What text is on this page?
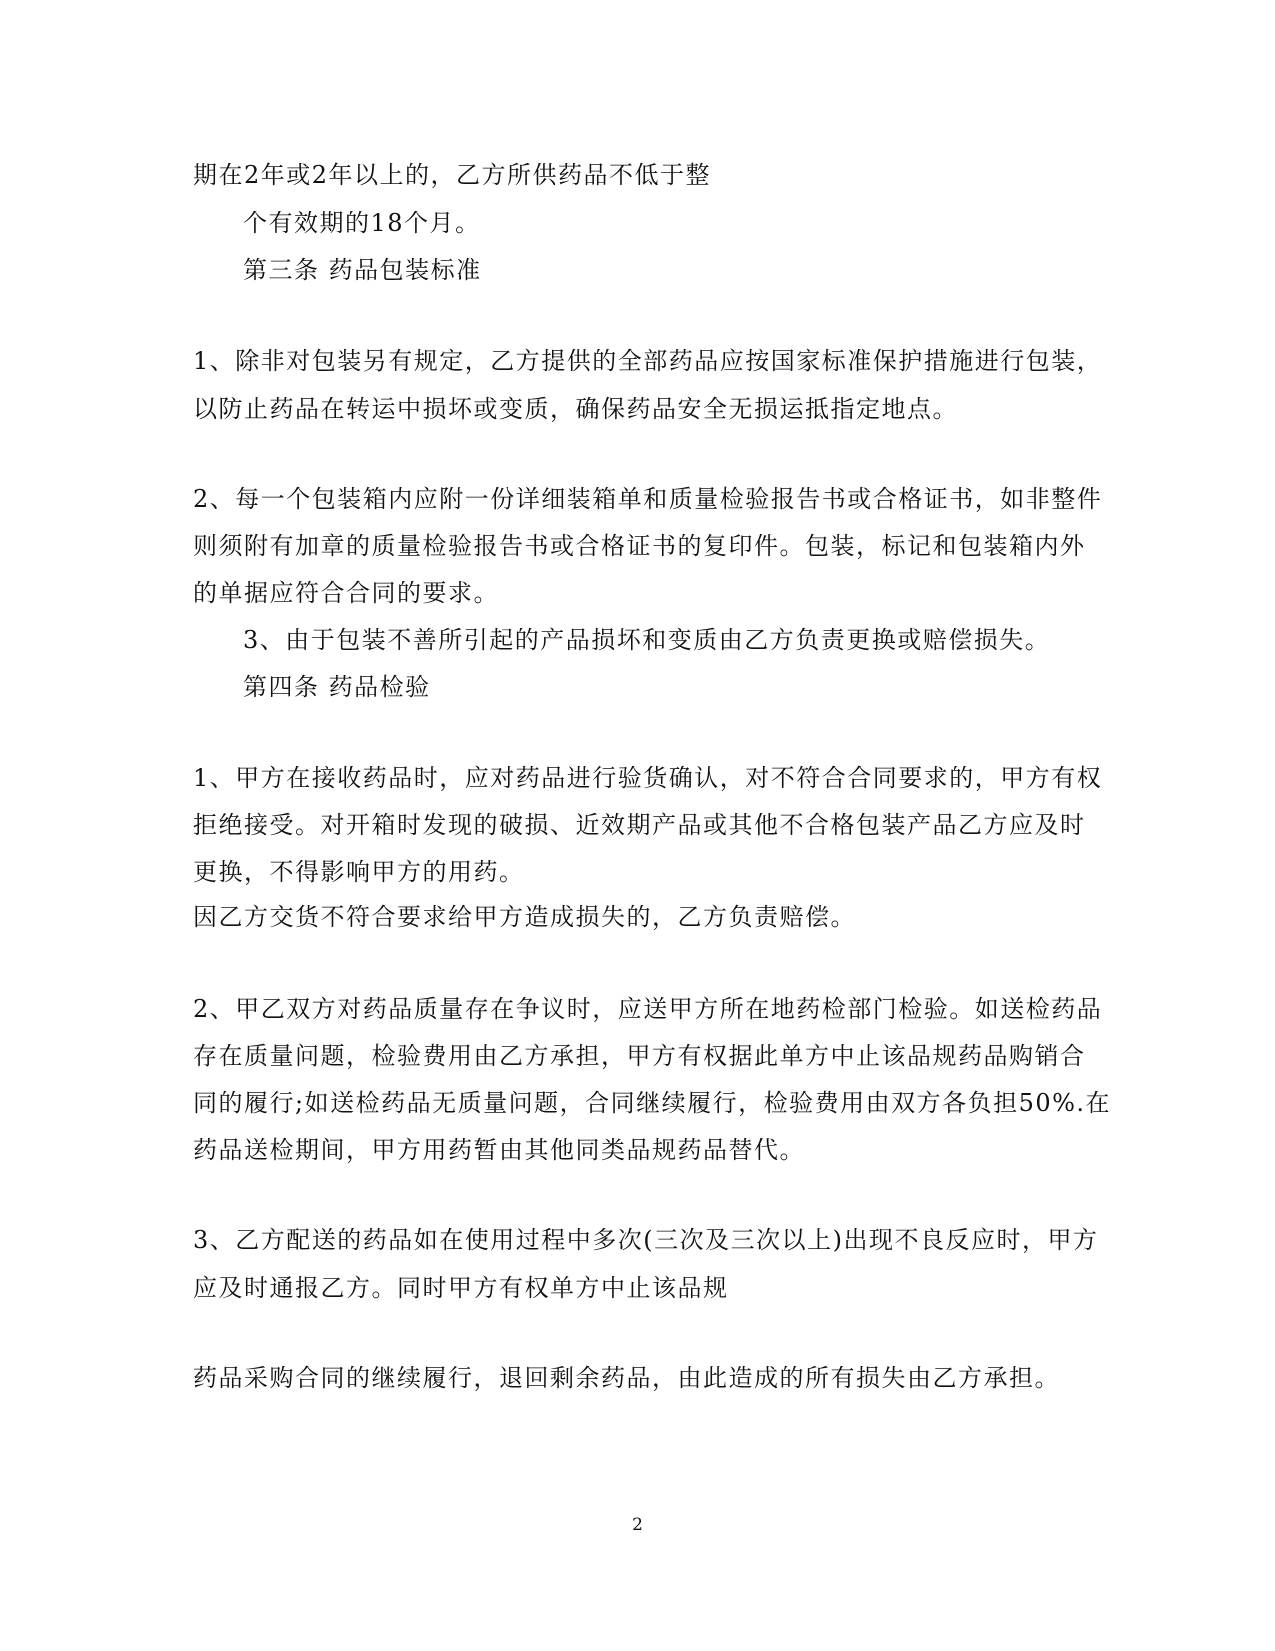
期在2年或2年以上的，乙方所供药品不低于整
个有效期的18个月。
第三条 药品包装标准
1、除非对包装另有规定，乙方提供的全部药品应按国家标准保护措施进行包装，
以防止药品在转运中损坏或变质，确保药品安全无损运抵指定地点。
2、每一个包装箱内应附一份详细装箱单和质量检验报告书或合格证书，如非整件
则须附有加章的质量检验报告书或合格证书的复印件。包装，标记和包装箱内外
的单据应符合合同的要求。
3、由于包装不善所引起的产品损坏和变质由乙方负责更换或赔偿损失。
第四条 药品检验
1、甲方在接收药品时，应对药品进行验货确认，对不符合合同要求的，甲方有权
拒绝接受。对开箱时发现的破损、近效期产品或其他不合格包装产品乙方应及时
更换，不得影响甲方的用药。
因乙方交货不符合要求给甲方造成损失的，乙方负责赔偿。
2、甲乙双方对药品质量存在争议时，应送甲方所在地药检部门检验。如送检药品
存在质量问题，检验费用由乙方承担，甲方有权据此单方中止该品规药品购销合
同的履行;如送检药品无质量问题，合同继续履行，检验费用由双方各负担50%.在
药品送检期间，甲方用药暂由其他同类品规药品替代。
3、乙方配送的药品如在使用过程中多次(三次及三次以上)出现不良反应时，甲方
应及时通报乙方。同时甲方有权单方中止该品规
药品采购合同的继续履行，退回剩余药品，由此造成的所有损失由乙方承担。
2
